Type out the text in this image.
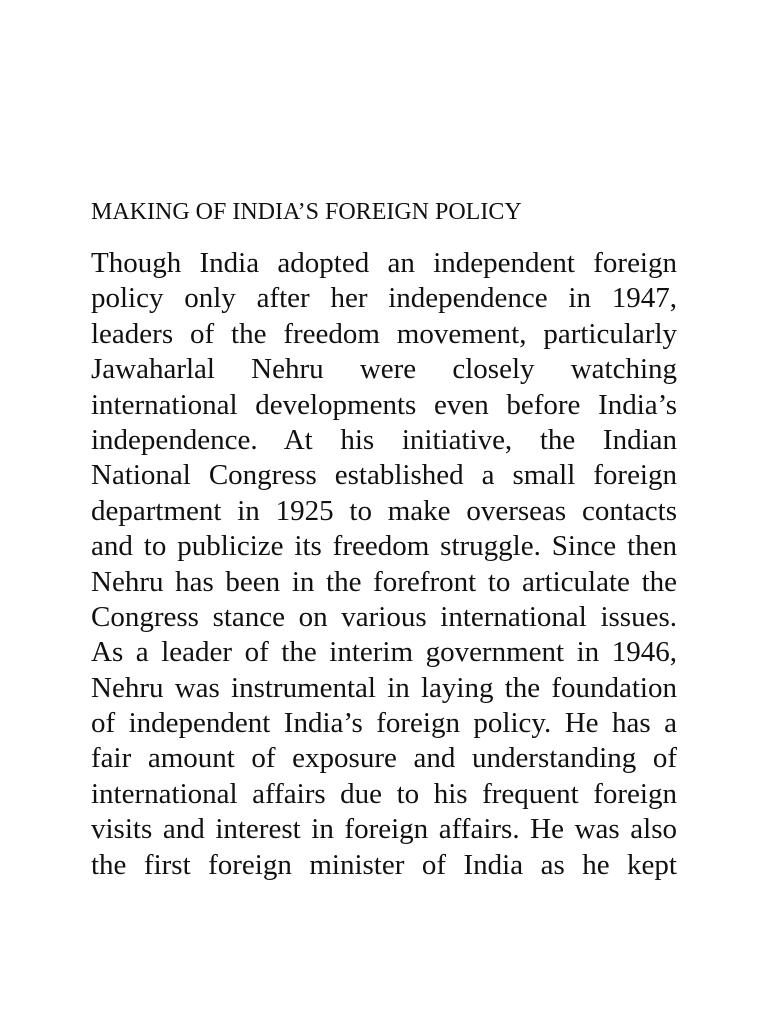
MAKING OF INDIA’S FOREIGN POLICY
Though India adopted an independent foreign
policy only after her independence in 1947,
leaders of the freedom movement, particularly
Jawaharlal Nehru were closely watching
international developments even before India’s
independence. At his initiative, the Indian
National Congress established a small foreign
department in 1925 to make overseas contacts
and to publicize its freedom struggle. Since then
Nehru has been in the forefront to articulate the
Congress stance on various international issues.
As a leader of the interim government in 1946,
Nehru was instrumental in laying the foundation
of independent India’s foreign policy. He has a
fair amount of exposure and understanding of
international affairs due to his frequent foreign
visits and interest in foreign affairs. He was also
the first foreign minister of India as he kept
